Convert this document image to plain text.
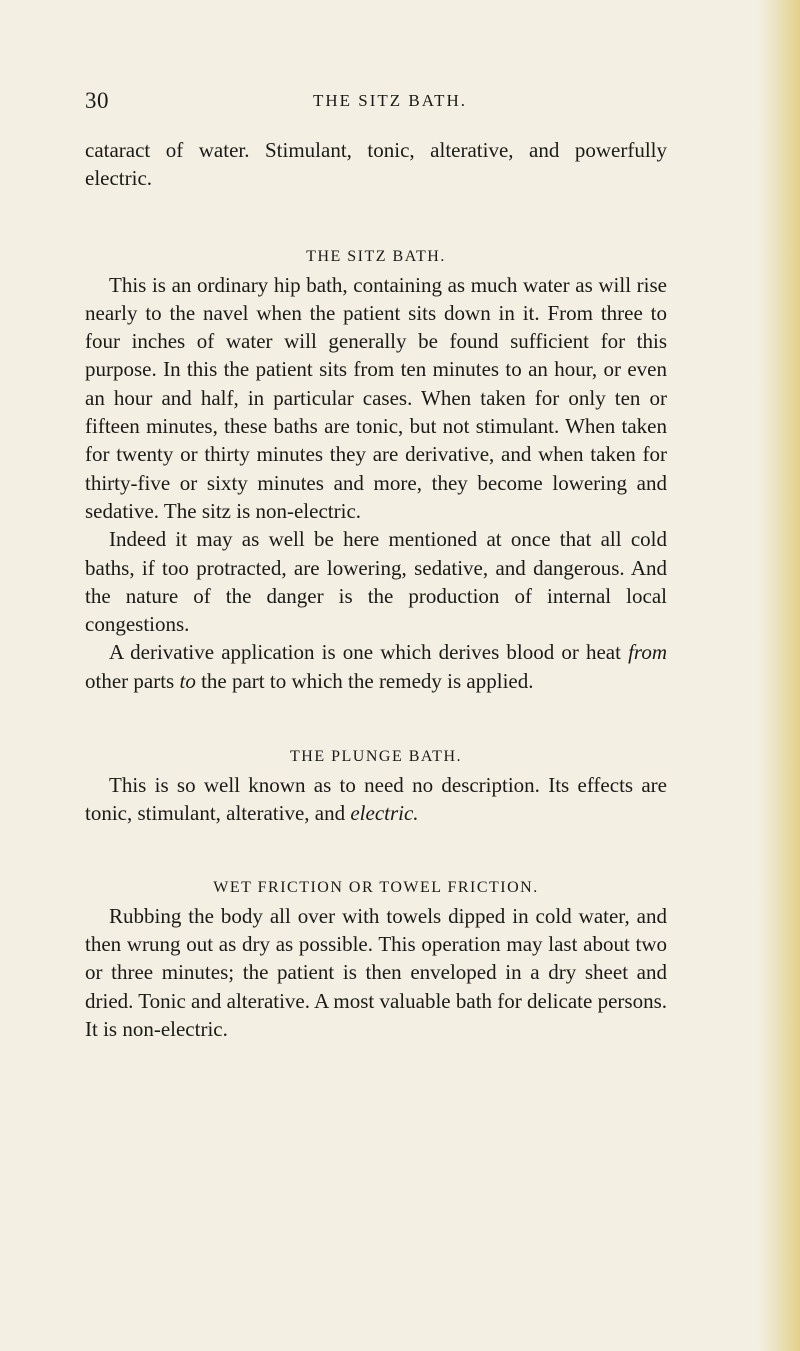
30	THE SITZ BATH.

cataract of water. Stimulant, tonic, alterative, and powerfully electric.

THE SITZ BATH.

This is an ordinary hip bath, containing as much water as will rise nearly to the navel when the patient sits down in it. From three to four inches of water will generally be found sufficient for this purpose. In this the patient sits from ten minutes to an hour, or even an hour and half, in particular cases. When taken for only ten or fifteen minutes, these baths are tonic, but not stimulant. When taken for twenty or thirty minutes they are derivative, and when taken for thirty-five or sixty minutes and more, they become lowering and sedative. The sitz is non-electric.

Indeed it may as well be here mentioned at once that all cold baths, if too protracted, are lowering, sedative, and dangerous. And the nature of the danger is the production of internal local congestions.

A derivative application is one which derives blood or heat from other parts to the part to which the remedy is applied.

THE PLUNGE BATH.

This is so well known as to need no description. Its effects are tonic, stimulant, alterative, and electric.

WET FRICTION OR TOWEL FRICTION.

Rubbing the body all over with towels dipped in cold water, and then wrung out as dry as possible. This operation may last about two or three minutes; the patient is then enveloped in a dry sheet and dried. Tonic and alterative. A most valuable bath for delicate persons. It is non-electric.
